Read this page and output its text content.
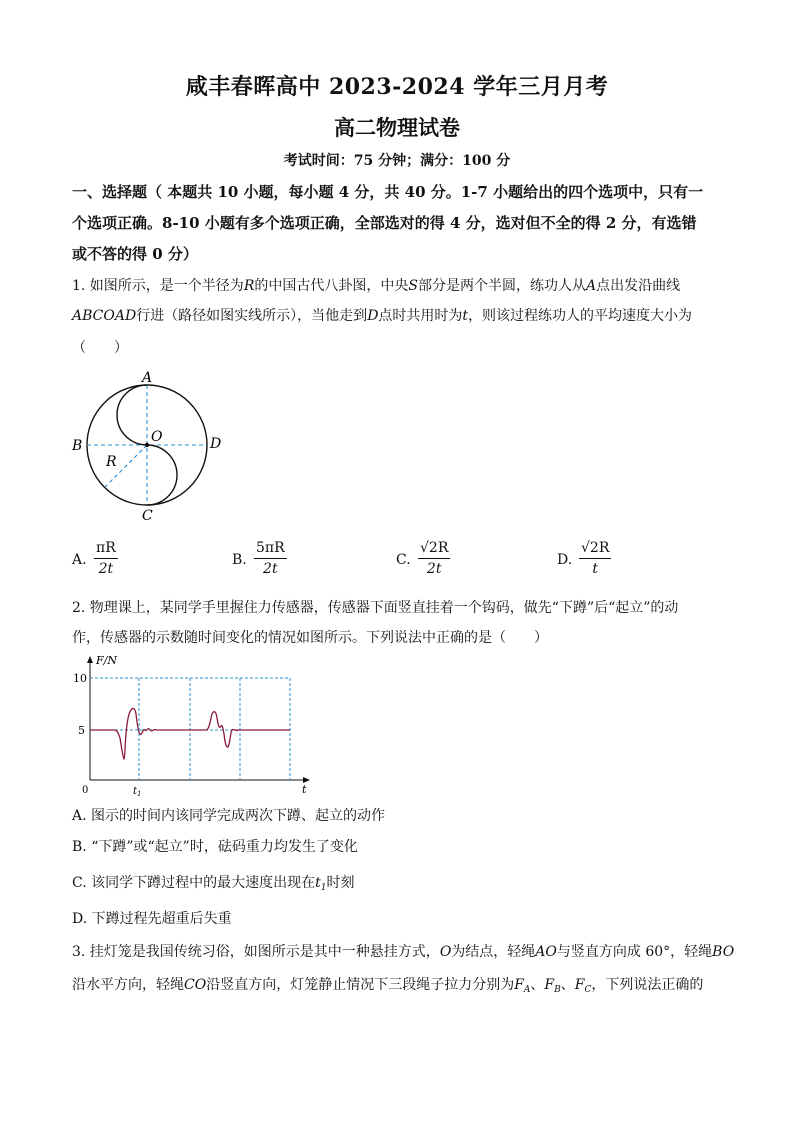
咸丰春晖高中 2023-2024 学年三月月考
高二物理试卷
考试时间：75 分钟；满分：100 分
一、选择题（ 本题共 10 小题，每小题 4 分，共 40 分。1-7 小题给出的四个选项中，只有一
个选项正确。8-10 小题有多个选项正确，全部选对的得 4 分，选对但不全的得 2 分，有选错
或不答的得 0 分）
1. 如图所示，是一个半径为R的中国古代八卦图，中央S部分是两个半圆，练功人从A点出发沿曲线
ABCOAD行进（路径如图实线所示），当他走到D点时共用时为t，则该过程练功人的平均速度大小为
（　　）
A
B
C
D
O
R
A. $\frac{\pi R}{2t}$	B. $\frac{5\pi R}{2t}$	C. $\frac{√2R}{2t}$	D. $\frac{√2R}{t}$
2. 物理课上，某同学手里握住力传感器，传感器下面竖直挂着一个钩码，做先“下蹲”后“起立”的动
作，传感器的示数随时间变化的情况如图所示。下列说法中正确的是（　　）
F/N
10
5
0	$t_1$	t
A. 图示的时间内该同学完成两次下蹲、起立的动作
B. “下蹲”或“起立”时，砝码重力均发生了变化
C. 该同学下蹲过程中的最大速度出现在$t_1$时刻
D. 下蹲过程先超重后失重
3. 挂灯笼是我国传统习俗，如图所示是其中一种悬挂方式，O为结点，轻绳AO与竖直方向成 60°，轻绳BO
沿水平方向，轻绳CO沿竖直方向，灯笼静止情况下三段绳子拉力分别为$F_A$、$F_B$、$F_C$，下列说法正确的
